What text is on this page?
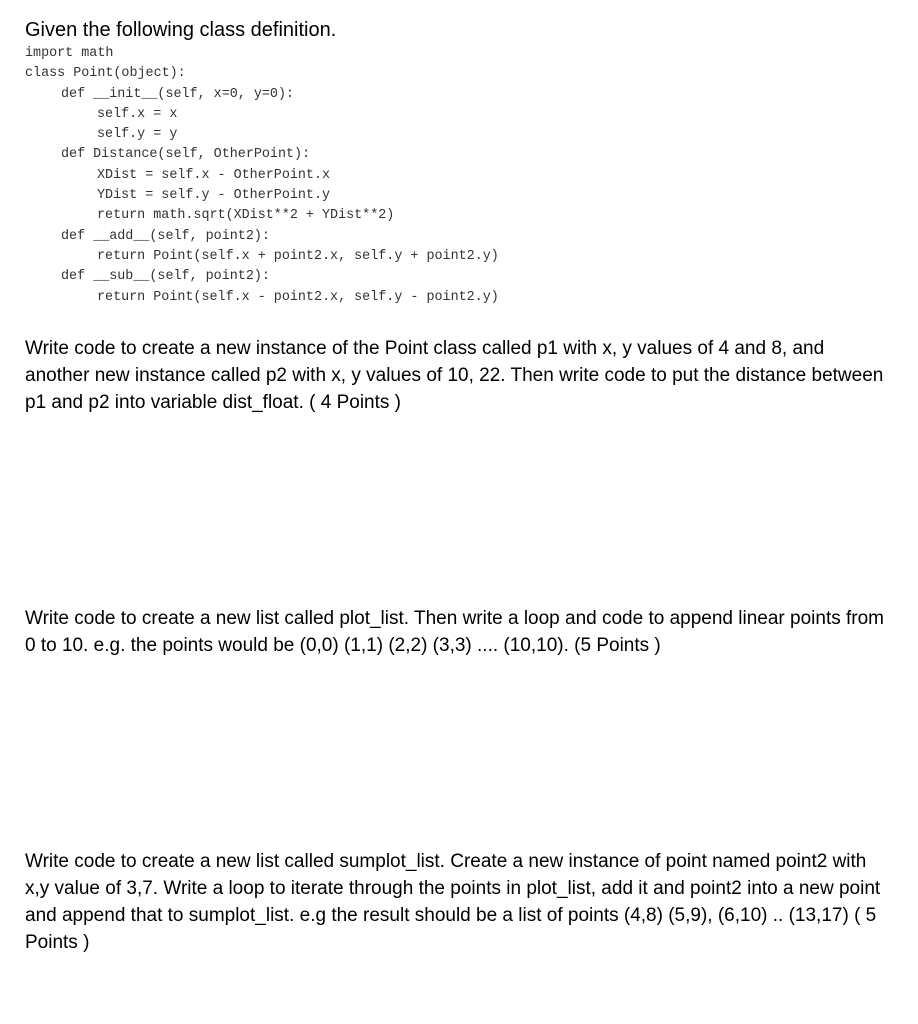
Given the following class definition.
import math
class Point(object):
def __init__(self, x=0, y=0):
self.x = x
self.y = y
def Distance(self, OtherPoint):
XDist = self.x - OtherPoint.x
YDist = self.y - OtherPoint.y
return math.sqrt(XDist**2 + YDist**2)
def __add__(self, point2):
return Point(self.x + point2.x, self.y + point2.y)
def __sub__(self, point2):
return Point(self.x - point2.x, self.y - point2.y)

Write code to create a new instance of the Point class called p1 with x, y values of 4 and 8, and another new instance called p2 with x, y values of 10, 22. Then write code to put the distance between p1 and p2 into variable dist_float. ( 4 Points )

Write code to create a new list called plot_list. Then write a loop and code to append linear points from 0 to 10. e.g. the points would be (0,0) (1,1) (2,2) (3,3) .... (10,10). (5 Points )

Write code to create a new list called sumplot_list. Create a new instance of point named point2 with x,y value of 3,7. Write a loop to iterate through the points in plot_list, add it and point2 into a new point and append that to sumplot_list. e.g the result should be a list of points (4,8) (5,9), (6,10) .. (13,17) ( 5 Points )
